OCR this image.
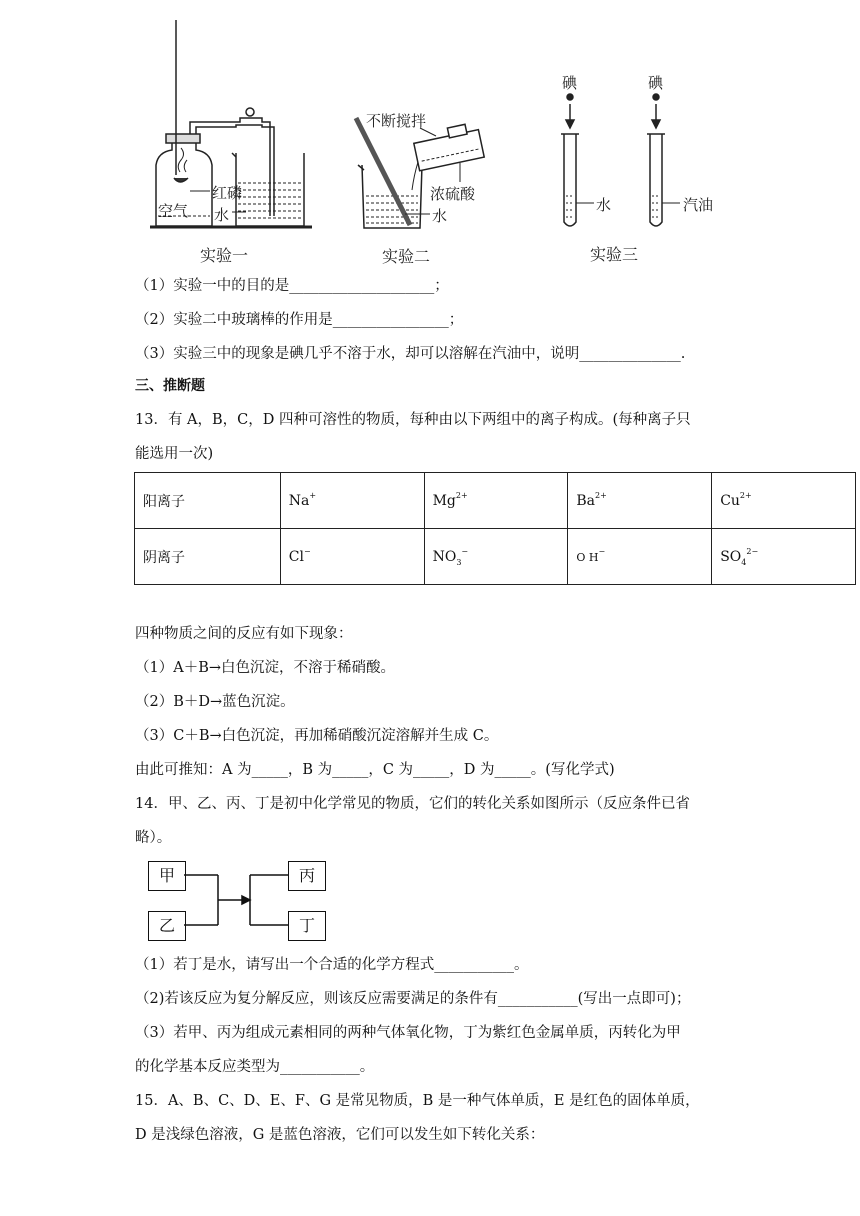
空气
红磷
水
实验一
不断搅拌
浓硫酸
水
实验二
碘	碘
水	汽油
实验三
（1）实验一中的目的是____________________；
（2）实验二中玻璃棒的作用是________________；
（3）实验三中的现象是碘几乎不溶于水，却可以溶解在汽油中，说明______________.
三、推断题
13．有 A，B，C，D 四种可溶性的物质，每种由以下两组中的离子构成。(每种离子只
能选用一次)
阳离子	Na+	$Mg^{2+}$	$Ba^{2+}$	$Cu^{2+}$
阴离子	Cl−	$NO_3^-$	O H−	$SO_4^{2-}$
四种物质之间的反应有如下现象：
（1）A＋B→白色沉淀，不溶于稀硝酸。
（2）B＋D→蓝色沉淀。
（3）C＋B→白色沉淀，再加稀硝酸沉淀溶解并生成 C。
由此可推知：A 为_____，B 为_____，C 为_____，D 为_____。(写化学式)
14．甲、乙、丙、丁是初中化学常见的物质，它们的转化关系如图所示（反应条件已省
略）。
甲
乙
丙
丁
（1）若丁是水，请写出一个合适的化学方程式___________。
（2)若该反应为复分解反应，则该反应需要满足的条件有___________(写出一点即可)；
（3）若甲、丙为组成元素相同的两种气体氧化物，丁为紫红色金属单质，丙转化为甲
的化学基本反应类型为___________。
15．A、B、C、D、E、F、G 是常见物质，B 是一种气体单质，E 是红色的固体单质，
D 是浅绿色溶液，G 是蓝色溶液，它们可以发生如下转化关系：
